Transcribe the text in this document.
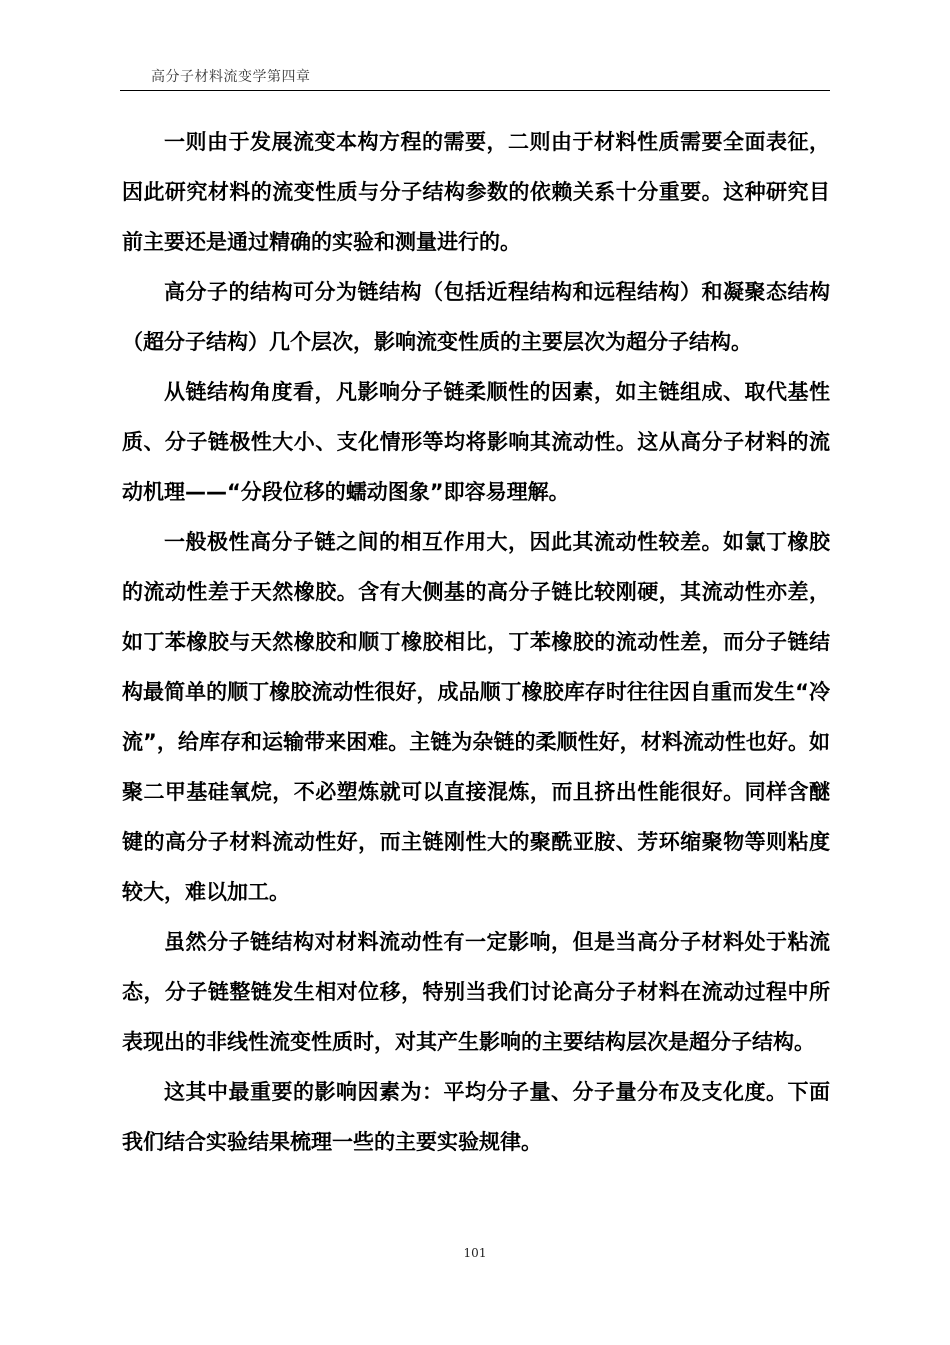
高分子材料流变学第四章

一则由于发展流变本构方程的需要，二则由于材料性质需要全面表征，因此研究材料的流变性质与分子结构参数的依赖关系十分重要。这种研究目前主要还是通过精确的实验和测量进行的。

高分子的结构可分为链结构（包括近程结构和远程结构）和凝聚态结构（超分子结构）几个层次，影响流变性质的主要层次为超分子结构。

从链结构角度看，凡影响分子链柔顺性的因素，如主链组成、取代基性质、分子链极性大小、支化情形等均将影响其流动性。这从高分子材料的流动机理——“分段位移的蠕动图象”即容易理解。

一般极性高分子链之间的相互作用大，因此其流动性较差。如氯丁橡胶的流动性差于天然橡胶。含有大侧基的高分子链比较刚硬，其流动性亦差，如丁苯橡胶与天然橡胶和顺丁橡胶相比，丁苯橡胶的流动性差，而分子链结构最简单的顺丁橡胶流动性很好，成品顺丁橡胶库存时往往因自重而发生“冷流”，给库存和运输带来困难。主链为杂链的柔顺性好，材料流动性也好。如聚二甲基硅氧烷，不必塑炼就可以直接混炼，而且挤出性能很好。同样含醚键的高分子材料流动性好，而主链刚性大的聚酰亚胺、芳环缩聚物等则粘度较大，难以加工。

虽然分子链结构对材料流动性有一定影响，但是当高分子材料处于粘流态，分子链整链发生相对位移，特别当我们讨论高分子材料在流动过程中所表现出的非线性流变性质时，对其产生影响的主要结构层次是超分子结构。

这其中最重要的影响因素为：平均分子量、分子量分布及支化度。下面我们结合实验结果梳理一些的主要实验规律。

101
